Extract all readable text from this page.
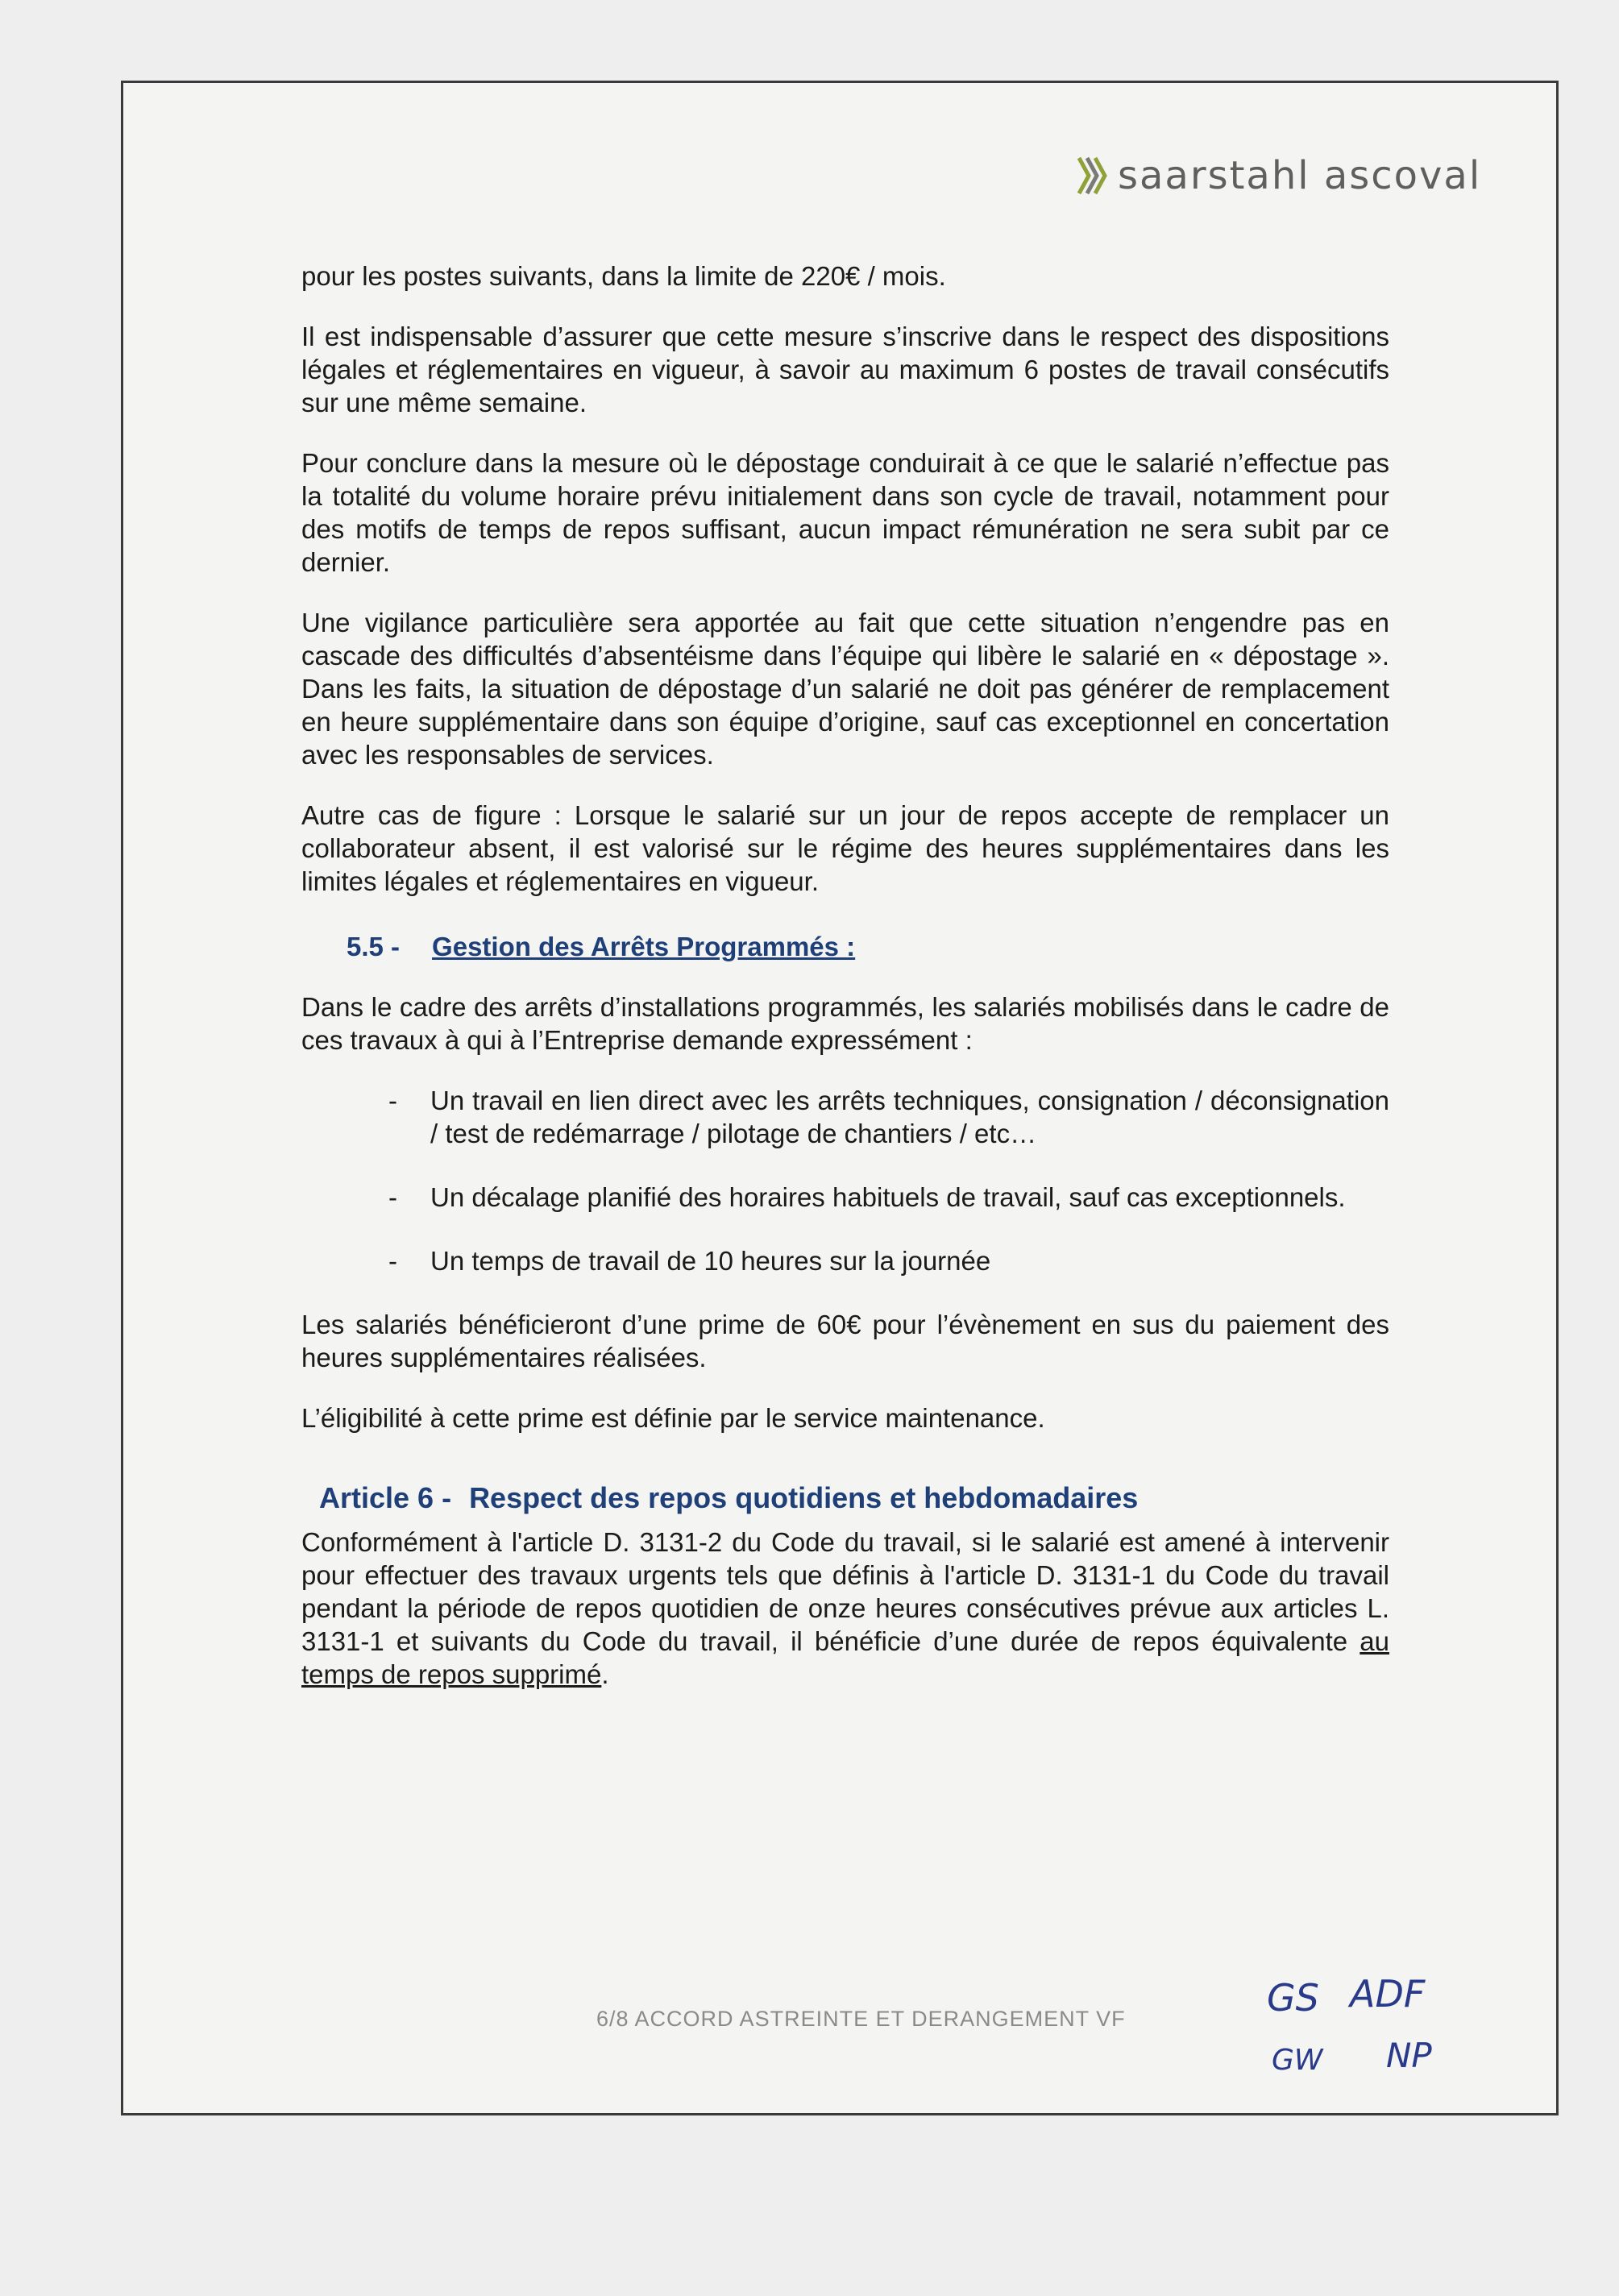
saarstahl ascoval

pour les postes suivants, dans la limite de 220€ / mois.

Il est indispensable d’assurer que cette mesure s’inscrive dans le respect des dispositions légales et réglementaires en vigueur, à savoir au maximum 6 postes de travail consécutifs sur une même semaine.

Pour conclure dans la mesure où le dépostage conduirait à ce que le salarié n’effectue pas la totalité du volume horaire prévu initialement dans son cycle de travail, notamment pour des motifs de temps de repos suffisant, aucun impact rémunération ne sera subit par ce dernier.

Une vigilance particulière sera apportée au fait que cette situation n’engendre pas en cascade des difficultés d’absentéisme dans l’équipe qui libère le salarié en « dépostage ». Dans les faits, la situation de dépostage d’un salarié ne doit pas générer de remplacement en heure supplémentaire dans son équipe d’origine, sauf cas exceptionnel en concertation avec les responsables de services.

Autre cas de figure : Lorsque le salarié sur un jour de repos accepte de remplacer un collaborateur absent, il est valorisé sur le régime des heures supplémentaires dans les limites légales et réglementaires en vigueur.

5.5 - Gestion des Arrêts Programmés :

Dans le cadre des arrêts d’installations programmés, les salariés mobilisés dans le cadre de ces travaux à qui à l’Entreprise demande expressément :

-	Un travail en lien direct avec les arrêts techniques, consignation / déconsignation / test de redémarrage / pilotage de chantiers / etc…
-	Un décalage planifié des horaires habituels de travail, sauf cas exceptionnels.
-	Un temps de travail de 10 heures sur la journée

Les salariés bénéficieront d’une prime de 60€ pour l’évènement en sus du paiement des heures supplémentaires réalisées.

L’éligibilité à cette prime est définie par le service maintenance.

Article 6 - Respect des repos quotidiens et hebdomadaires

Conformément à l'article D. 3131-2 du Code du travail, si le salarié est amené à intervenir pour effectuer des travaux urgents tels que définis à l'article D. 3131-1 du Code du travail pendant la période de repos quotidien de onze heures consécutives prévue aux articles L. 3131-1 et suivants du Code du travail, il bénéficie d’une durée de repos équivalente au temps de repos supprimé.

6/8 ACCORD ASTREINTE ET DERANGEMENT VF	GS ADF
GW NP
